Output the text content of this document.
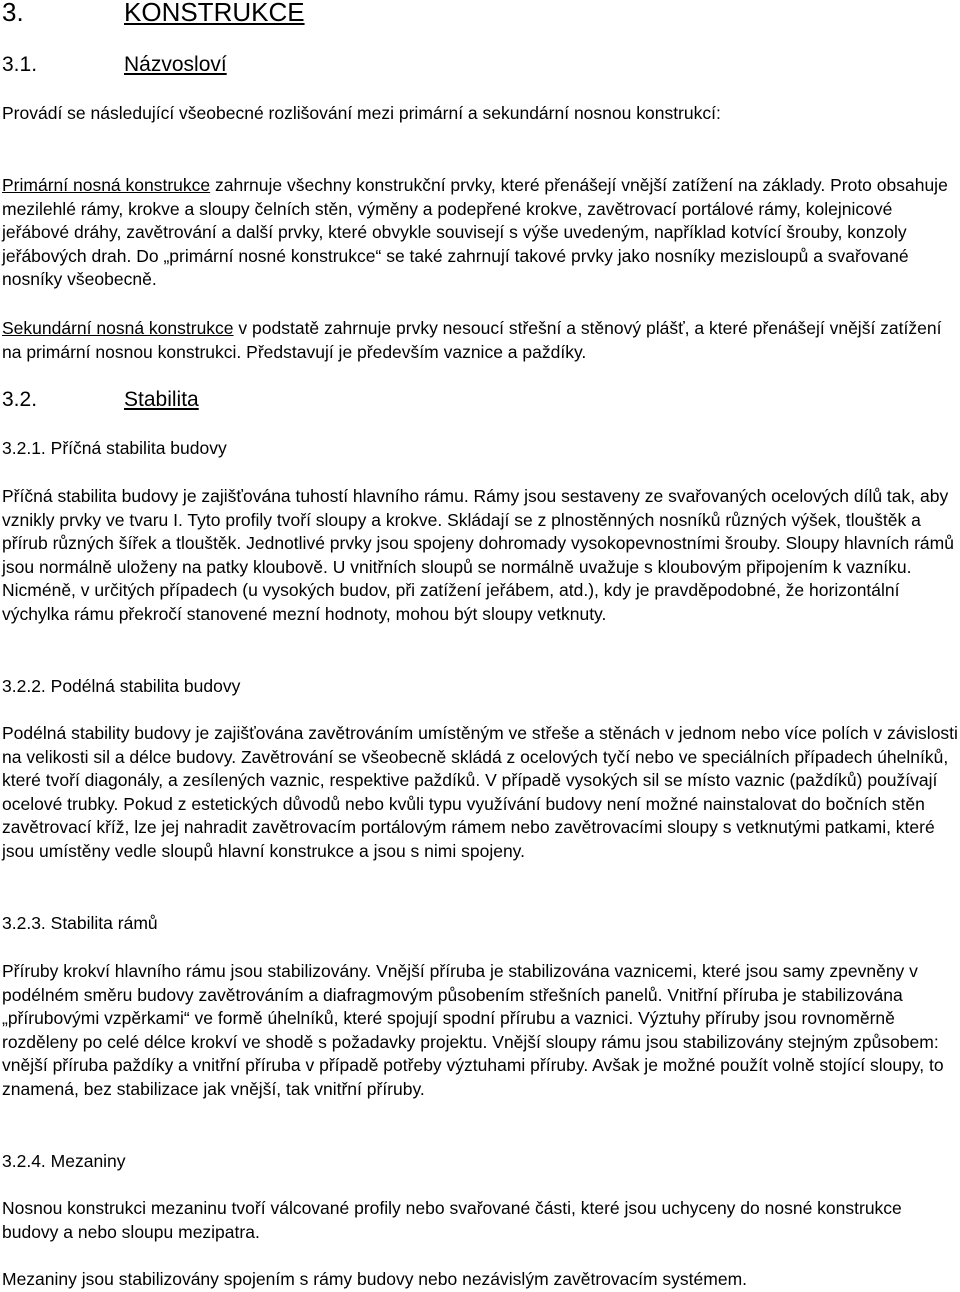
3.	KONSTRUKCE
3.1.	Názvosloví
Provádí se následující všeobecné rozlišování mezi primární a sekundární nosnou konstrukcí:
Primární nosná konstrukce zahrnuje všechny konstrukční prvky, které přenášejí vnější zatížení na základy. Proto obsahuje mezilehlé rámy, krokve a sloupy čelních stěn, výměny a podepřené krokve, zavětrovací portálové rámy, kolejnicové jeřábové dráhy, zavětrování a další prvky, které obvykle souvisejí s výše uvedeným, například kotvící šrouby, konzoly jeřábových drah. Do „primární nosné konstrukce“ se také zahrnují takové prvky jako nosníky mezisloupů a svařované nosníky všeobecně.
Sekundární nosná konstrukce v podstatě zahrnuje prvky nesoucí střešní a stěnový plášť, a které přenášejí vnější zatížení na primární nosnou konstrukci. Představují je především vaznice a paždíky.
3.2.	Stabilita
3.2.1. Příčná stabilita budovy
Příčná stabilita budovy je zajišťována tuhostí hlavního rámu. Rámy jsou sestaveny ze svařovaných ocelových dílů tak, aby vznikly prvky ve tvaru I. Tyto profily tvoří sloupy a krokve. Skládají se z plnostěnných nosníků různých výšek, tlouštěk a přírub různých šířek a tlouštěk. Jednotlivé prvky jsou spojeny dohromady vysokopevnostními šrouby. Sloupy hlavních rámů jsou normálně uloženy na patky kloubově. U vnitřních sloupů se normálně uvažuje s kloubovým připojením k vazníku. Nicméně, v určitých případech (u vysokých budov, při zatížení jeřábem, atd.), kdy je pravděpodobné, že horizontální výchylka rámu překročí stanovené mezní hodnoty, mohou být sloupy vetknuty.
3.2.2. Podélná stabilita budovy
Podélná stability budovy je zajišťována zavětrováním umístěným ve střeše a stěnách v jednom nebo více polích v závislosti na velikosti sil a délce budovy. Zavětrování se všeobecně skládá z ocelových tyčí nebo ve speciálních případech úhelníků, které tvoří diagonály, a zesílených vaznic, respektive paždíků. V případě vysokých sil se místo vaznic (paždíků) používají ocelové trubky. Pokud z estetických důvodů nebo kvůli typu využívání budovy není možné nainstalovat do bočních stěn zavětrovací kříž, lze jej nahradit zavětrovacím portálovým rámem nebo zavětrovacími sloupy s vetknutými patkami, které jsou umístěny vedle sloupů hlavní konstrukce a jsou s nimi spojeny.
3.2.3. Stabilita rámů
Příruby krokví hlavního rámu jsou stabilizovány. Vnější příruba je stabilizována vaznicemi, které jsou samy zpevněny v podélném směru budovy zavětrováním a diafragmovým působením střešních panelů. Vnitřní příruba je stabilizována „přírubovými vzpěrkami“ ve formě úhelníků, které spojují spodní přírubu a vaznici. Výztuhy příruby jsou rovnoměrně rozděleny po celé délce krokví ve shodě s požadavky projektu. Vnější sloupy rámu jsou stabilizovány stejným způsobem: vnější příruba paždíky a vnitřní příruba v případě potřeby výztuhami příruby. Avšak je možné použít volně stojící sloupy, to znamená, bez stabilizace jak vnější, tak vnitřní příruby.
3.2.4. Mezaniny
Nosnou konstrukci mezaninu tvoří válcované profily nebo svařované části, které jsou uchyceny do nosné konstrukce budovy a nebo sloupu mezipatra.
Mezaniny jsou stabilizovány spojením s rámy budovy nebo nezávislým zavětrovacím systémem.
